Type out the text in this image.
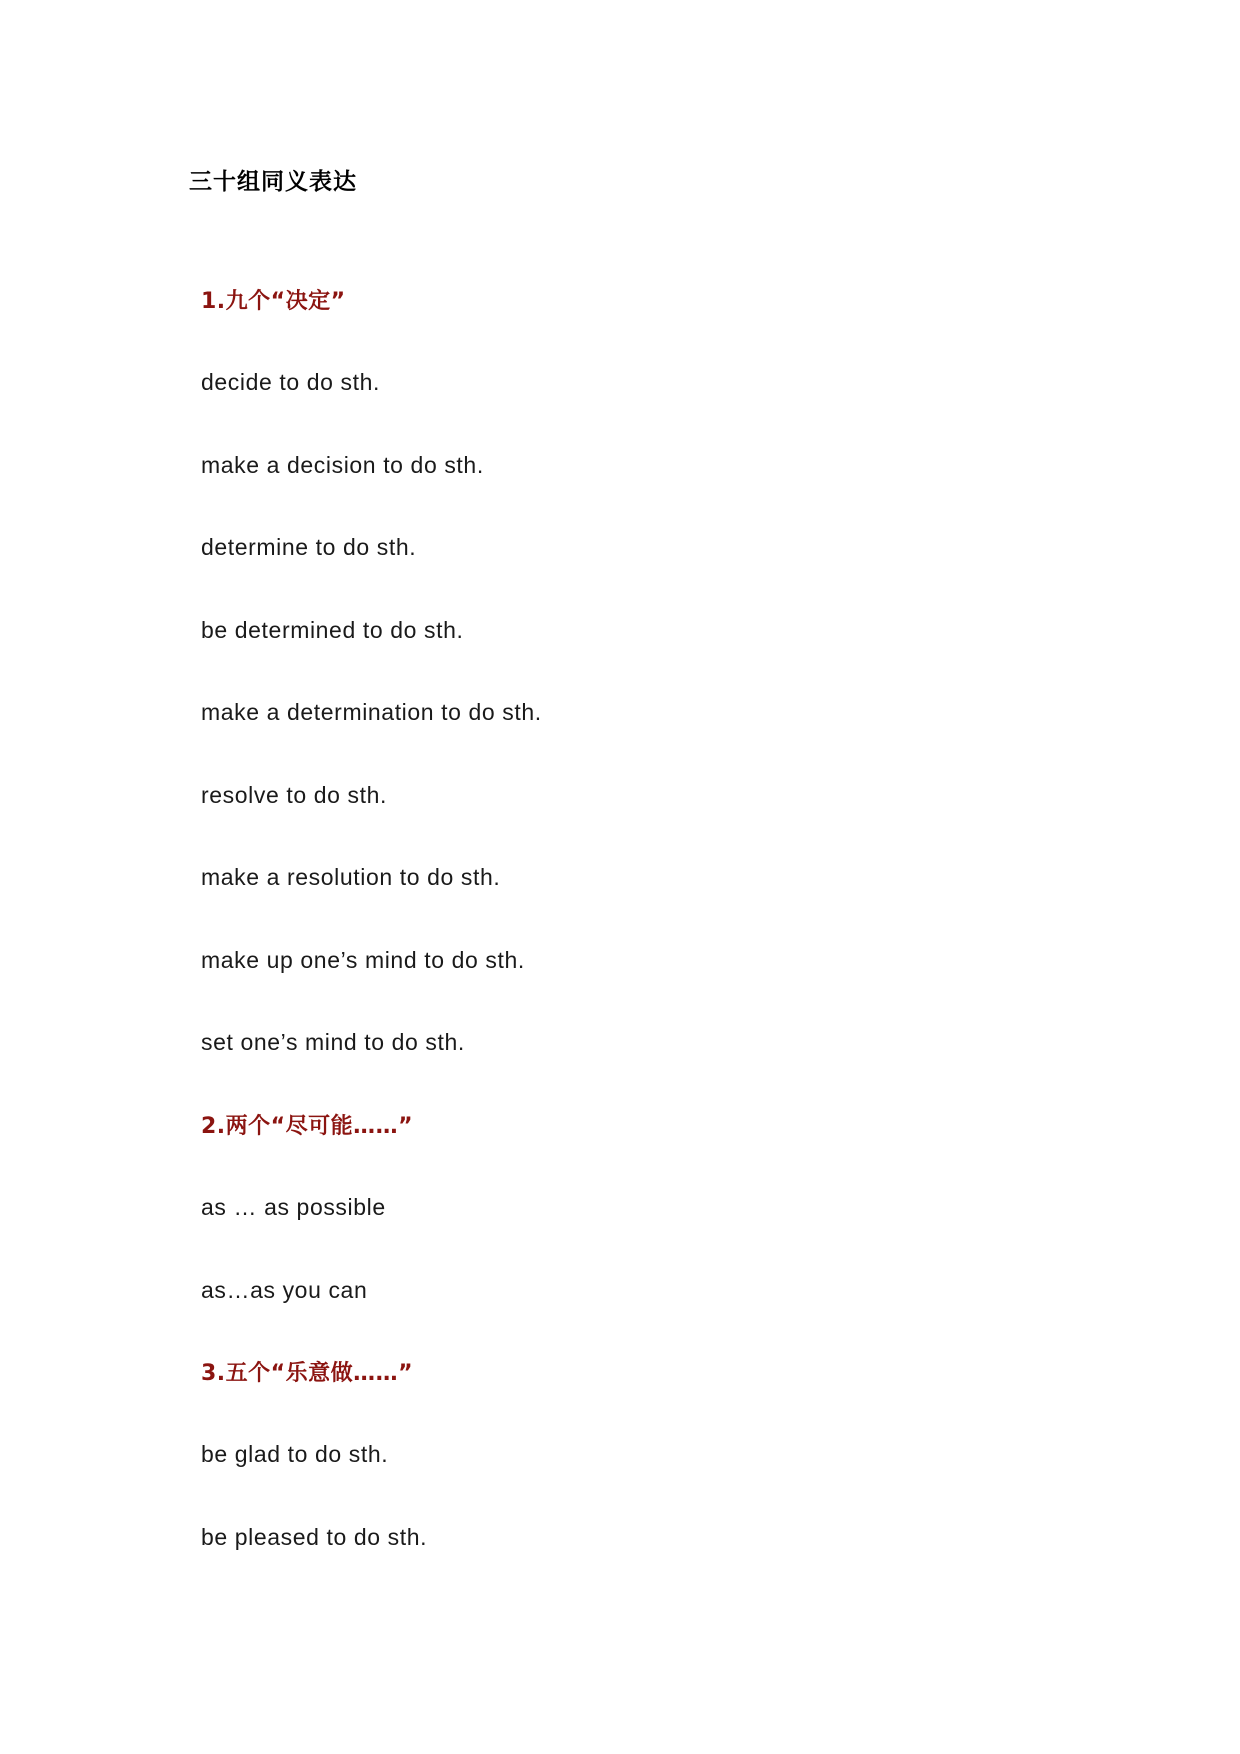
三十组同义表达
1.九个“决定”
decide to do sth.
make a decision to do sth.
determine to do sth.
be determined to do sth.
make a determination to do sth.
resolve to do sth.
make a resolution to do sth.
make up one’s mind to do sth.
set one’s mind to do sth.
2.两个“尽可能……”
as … as possible
as…as you can
3.五个“乐意做……”
be glad to do sth.
be pleased to do sth.
